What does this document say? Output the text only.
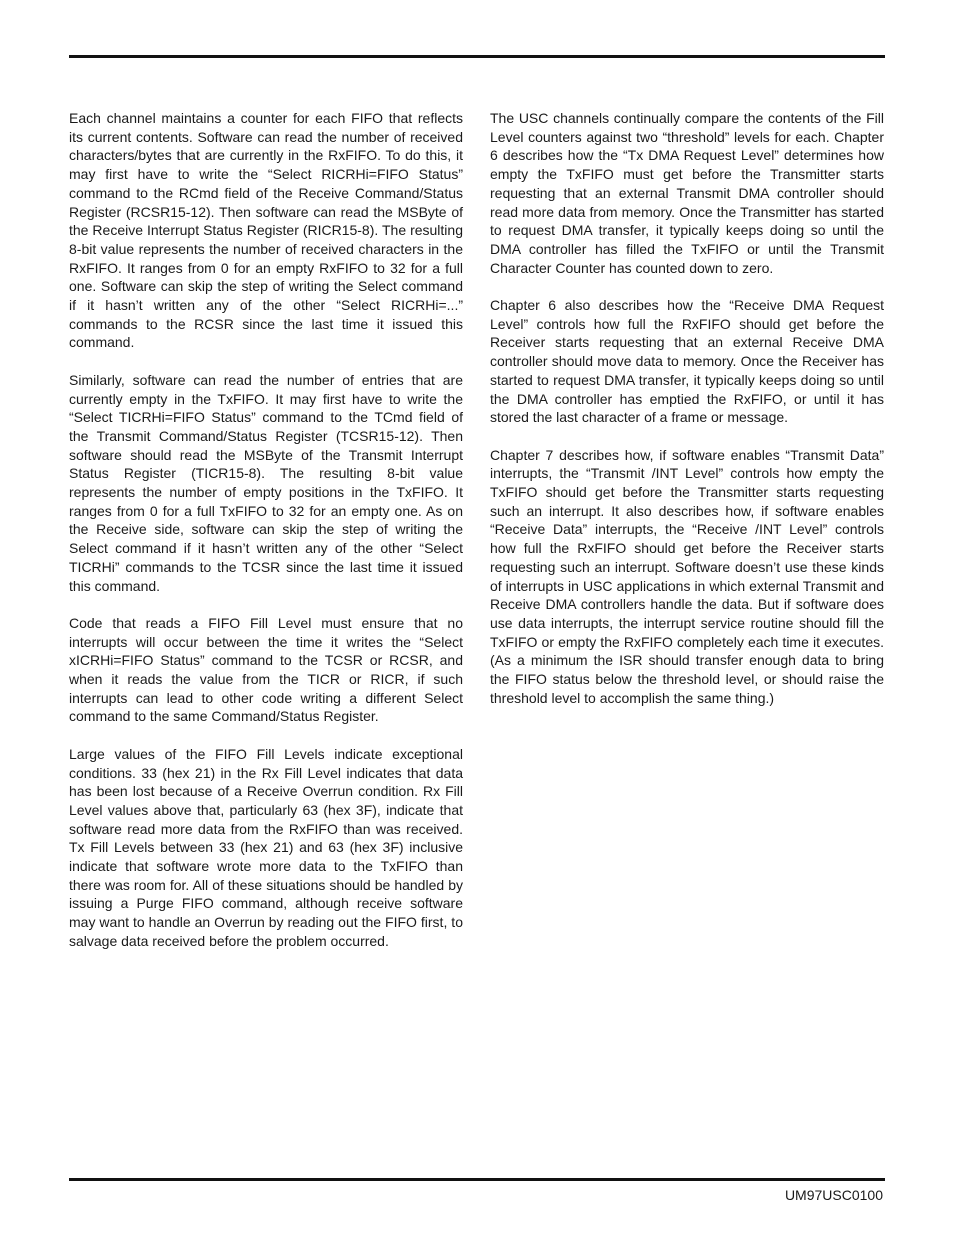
Each channel maintains a counter for each FIFO that reflects its current contents. Software can read the number of received characters/bytes that are currently in the RxFIFO. To do this, it may first have to write the “Select RICRHi=FIFO Status” command to the RCmd field of the Receive Command/Status Register (RCSR15-12). Then software can read the MSByte of the Receive Interrupt Status Register (RICR15-8). The resulting 8-bit value represents the number of received characters in the RxFIFO. It ranges from 0 for an empty RxFIFO to 32 for a full one. Software can skip the step of writing the Select command if it hasn’t written any of the other “Select RICRHi=...” commands to the RCSR since the last time it issued this command.

Similarly, software can read the number of entries that are currently empty in the TxFIFO. It may first have to write the “Select TICRHi=FIFO Status” command to the TCmd field of the Transmit Command/Status Register (TCSR15-12). Then software should read the MSByte of the Transmit Interrupt Status Register (TICR15-8). The resulting 8-bit value represents the number of empty positions in the TxFIFO. It ranges from 0 for a full TxFIFO to 32 for an empty one. As on the Receive side, software can skip the step of writing the Select command if it hasn’t written any of the other “Select TICRHi” commands to the TCSR since the last time it issued this command.

Code that reads a FIFO Fill Level must ensure that no interrupts will occur between the time it writes the “Select xICRHi=FIFO Status” command to the TCSR or RCSR, and when it reads the value from the TICR or RICR, if such interrupts can lead to other code writing a different Select command to the same Command/Status Register.

Large values of the FIFO Fill Levels indicate exceptional conditions. 33 (hex 21) in the Rx Fill Level indicates that data has been lost because of a Receive Overrun condition. Rx Fill Level values above that, particularly 63 (hex 3F), indicate that software read more data from the RxFIFO than was received. Tx Fill Levels between 33 (hex 21) and 63 (hex 3F) inclusive indicate that software wrote more data to the TxFIFO than there was room for. All of these situations should be handled by issuing a Purge FIFO command, although receive software may want to handle an Overrun by reading out the FIFO first, to salvage data received before the problem occurred.

The USC channels continually compare the contents of the Fill Level counters against two “threshold” levels for each. Chapter 6 describes how the “Tx DMA Request Level” determines how empty the TxFIFO must get before the Transmitter starts requesting that an external Transmit DMA controller should read more data from memory. Once the Transmitter has started to request DMA transfer, it typically keeps doing so until the DMA controller has filled the TxFIFO or until the Transmit Character Counter has counted down to zero.

Chapter 6 also describes how the “Receive DMA Request Level” controls how full the RxFIFO should get before the Receiver starts requesting that an external Receive DMA controller should move data to memory. Once the Receiver has started to request DMA transfer, it typically keeps doing so until the DMA controller has emptied the RxFIFO, or until it has stored the last character of a frame or message.

Chapter 7 describes how, if software enables “Transmit Data” interrupts, the “Transmit /INT Level” controls how empty the TxFIFO should get before the Transmitter starts requesting such an interrupt. It also describes how, if software enables “Receive Data” interrupts, the “Receive /INT Level” controls how full the RxFIFO should get before the Receiver starts requesting such an interrupt. Software doesn’t use these kinds of interrupts in USC applications in which external Transmit and Receive DMA controllers handle the data. But if software does use data interrupts, the interrupt service routine should fill the TxFIFO or empty the RxFIFO completely each time it executes. (As a minimum the ISR should transfer enough data to bring the FIFO status below the threshold level, or should raise the threshold level to accomplish the same thing.)

UM97USC0100
